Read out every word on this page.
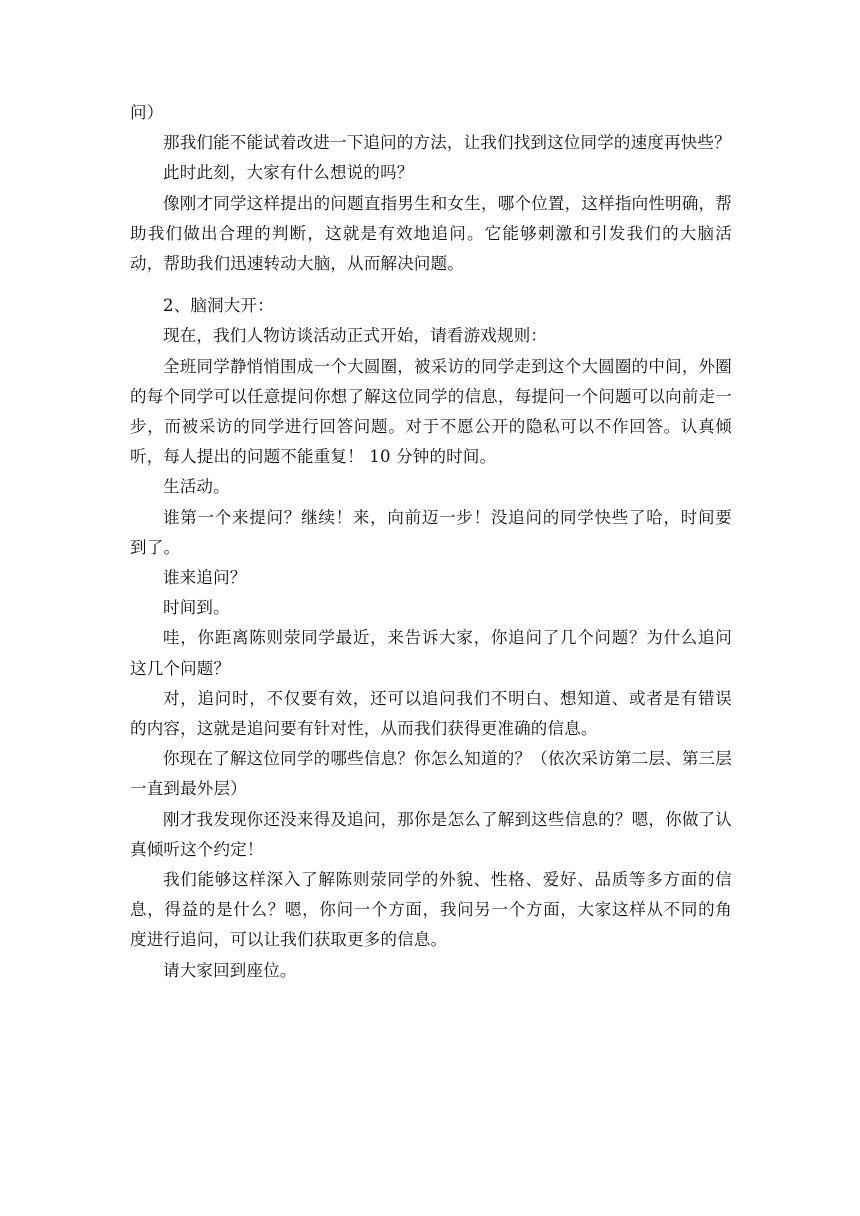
问）

那我们能不能试着改进一下追问的方法，让我们找到这位同学的速度再快些？

此时此刻，大家有什么想说的吗？

像刚才同学这样提出的问题直指男生和女生，哪个位置，这样指向性明确，帮助我们做出合理的判断，这就是有效地追问。它能够刺激和引发我们的大脑活 动，帮助我们迅速转动大脑，从而解决问题。

2、脑洞大开：

现在，我们人物访谈活动正式开始，请看游戏规则：

全班同学静悄悄围成一个大圆圈，被采访的同学走到这个大圆圈的中间，外圈的每个同学可以任意提问你想了解这位同学的信息，每提问一个问题可以向前走一步，而被采访的同学进行回答问题。对于不愿公开的隐私可以不作回答。认真倾听，每人提出的问题不能重复！ 10 分钟的时间。

生活动。

谁第一个来提问？继续！来，向前迈一步！没追问的同学快些了哈，时间要 到了。

谁来追问？

时间到。

哇，你距离陈则荥同学最近，来告诉大家，你追问了几个问题？为什么追问 这几个问题？

对，追问时，不仅要有效，还可以追问我们不明白、想知道、或者是有错误 的内容，这就是追问要有针对性，从而我们获得更准确的信息。

你现在了解这位同学的哪些信息？你怎么知道的？（依次采访第二层、第三层一直到最外层）

刚才我发现你还没来得及追问，那你是怎么了解到这些信息的？嗯，你做了认真倾听这个约定！

我们能够这样深入了解陈则荥同学的外貌、性格、爱好、品质等多方面的信 息，得益的是什么？嗯，你问一个方面，我问另一个方面，大家这样从不同的角 度进行追问，可以让我们获取更多的信息。

请大家回到座位。
